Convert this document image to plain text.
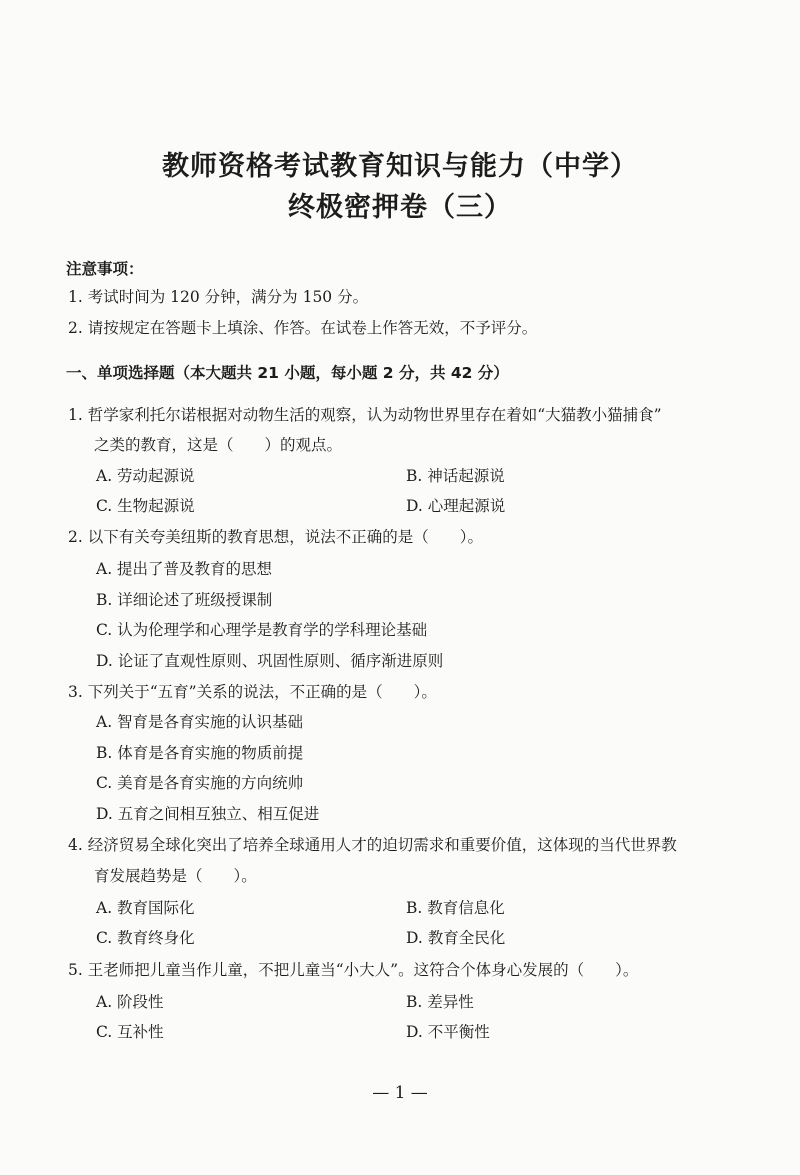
教师资格考试教育知识与能力（中学）
终极密押卷（三）

注意事项：

1. 考试时间为 120 分钟，满分为 150 分。

2. 请按规定在答题卡上填涂、作答。在试卷上作答无效，不予评分。

一、单项选择题（本大题共 21 小题，每小题 2 分，共 42 分）

1. 哲学家利托尔诺根据对动物生活的观察，认为动物世界里存在着如“大猫教小猫捕食”

之类的教育，这是（　　）的观点。

A. 劳动起源说	B. 神话起源说

C. 生物起源说	D. 心理起源说

2. 以下有关夸美纽斯的教育思想，说法不正确的是（　　）。

A. 提出了普及教育的思想

B. 详细论述了班级授课制

C. 认为伦理学和心理学是教育学的学科理论基础

D. 论证了直观性原则、巩固性原则、循序渐进原则

3. 下列关于“五育”关系的说法，不正确的是（　　）。

A. 智育是各育实施的认识基础

B. 体育是各育实施的物质前提

C. 美育是各育实施的方向统帅

D. 五育之间相互独立、相互促进

4. 经济贸易全球化突出了培养全球通用人才的迫切需求和重要价值，这体现的当代世界教

育发展趋势是（　　）。

A. 教育国际化	B. 教育信息化

C. 教育终身化	D. 教育全民化

5. 王老师把儿童当作儿童，不把儿童当“小大人”。这符合个体身心发展的（　　）。

A. 阶段性	B. 差异性

C. 互补性	D. 不平衡性

— 1 —
